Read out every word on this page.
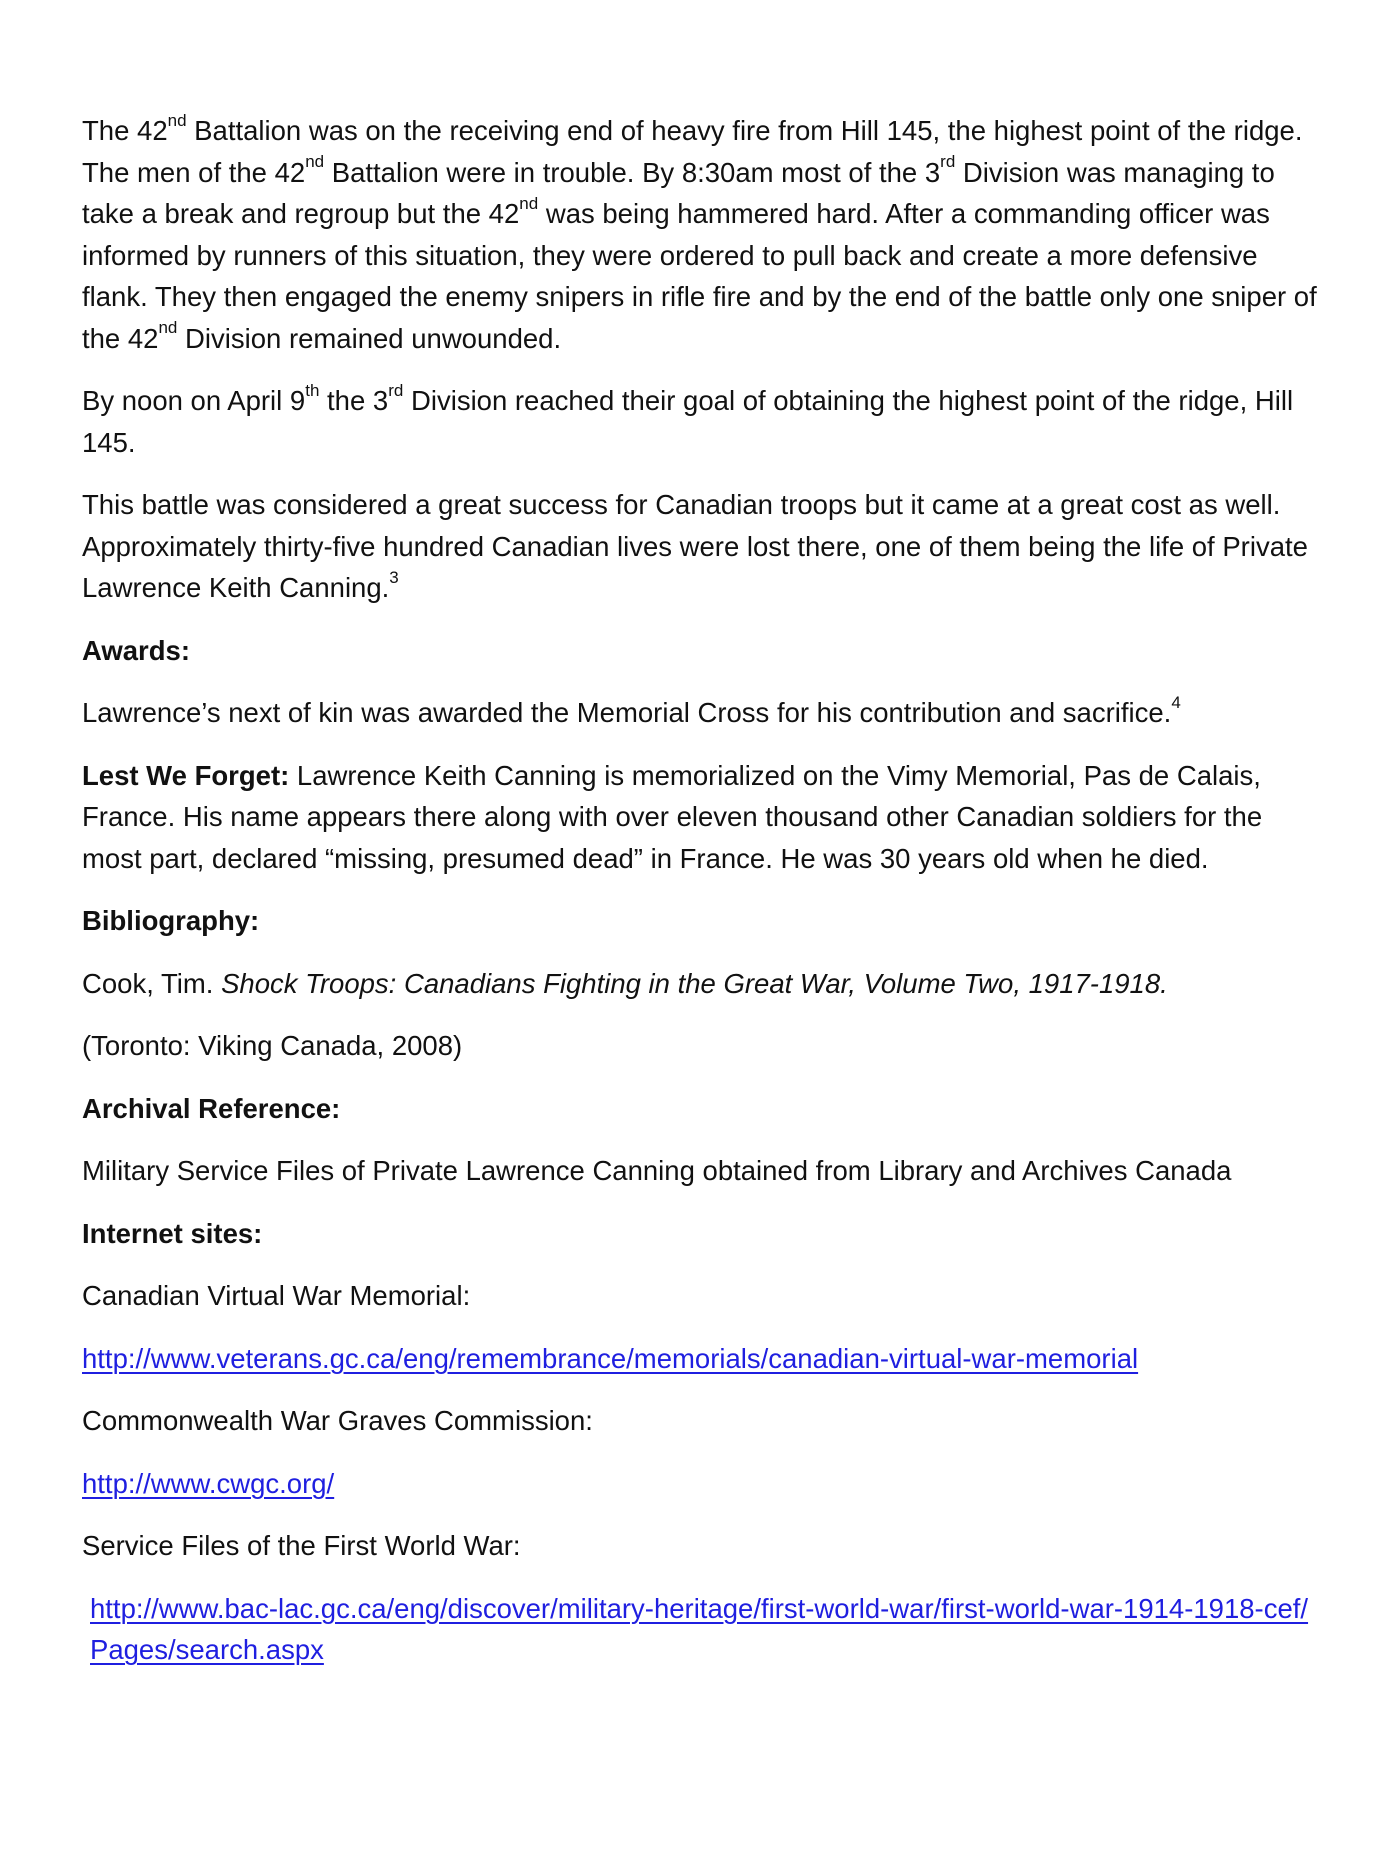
The 42nd Battalion was on the receiving end of heavy fire from Hill 145, the highest point of the ridge. The men of the 42nd Battalion were in trouble. By 8:30am most of the 3rd Division was managing to take a break and regroup but the 42nd was being hammered hard. After a commanding officer was informed by runners of this situation, they were ordered to pull back and create a more defensive flank. They then engaged the enemy snipers in rifle fire and by the end of the battle only one sniper of the 42nd Division remained unwounded.

By noon on April 9th the 3rd Division reached their goal of obtaining the highest point of the ridge, Hill 145.

This battle was considered a great success for Canadian troops but it came at a great cost as well. Approximately thirty-five hundred Canadian lives were lost there, one of them being the life of Private Lawrence Keith Canning.$^3$

Awards:

Lawrence’s next of kin was awarded the Memorial Cross for his contribution and sacrifice.$^4$

Lest We Forget: Lawrence Keith Canning is memorialized on the Vimy Memorial, Pas de Calais, France. His name appears there along with over eleven thousand other Canadian soldiers for the most part, declared “missing, presumed dead” in France. He was 30 years old when he died.

Bibliography:

Cook, Tim. Shock Troops: Canadians Fighting in the Great War, Volume Two, 1917-1918.

(Toronto: Viking Canada, 2008)

Archival Reference:

Military Service Files of Private Lawrence Canning obtained from Library and Archives Canada

Internet sites:

Canadian Virtual War Memorial:

http://www.veterans.gc.ca/eng/remembrance/memorials/canadian-virtual-war-memorial

Commonwealth War Graves Commission:

http://www.cwgc.org/

Service Files of the First World War:

http://www.bac-lac.gc.ca/eng/discover/military-heritage/first-world-war/first-world-war-1914-1918-cef/Pages/search.aspx
